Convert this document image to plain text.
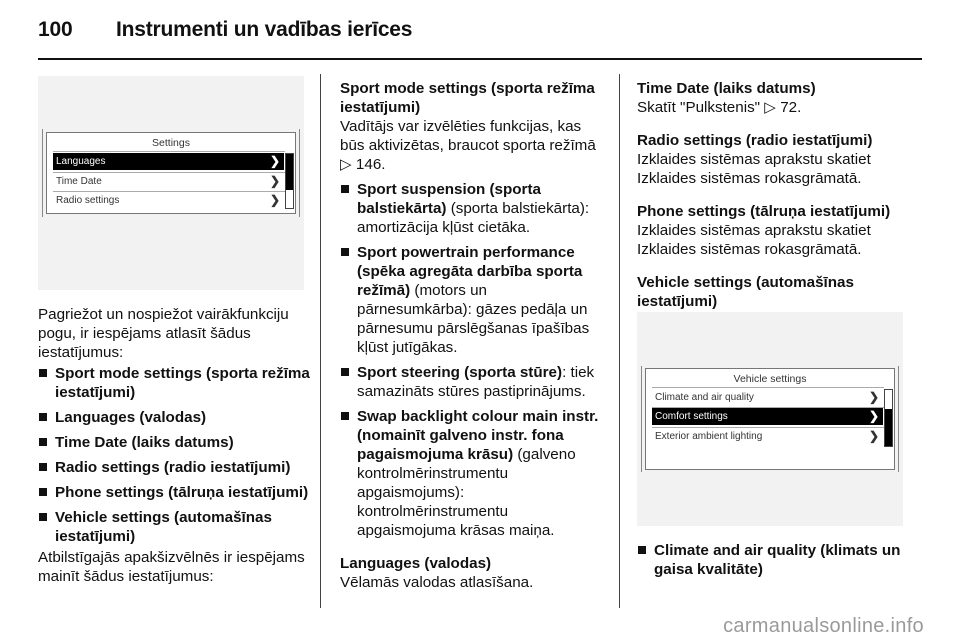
100 Instrumenti un vadības ierīces
Settings
Languages	❯
Time Date	❯
Radio settings	❯

Pagriežot un nospiežot vairākfunkciju pogu, ir iespējams atlasīt šādus iestatījumus:

Sport mode settings (sporta režīma iestatījumi)
Languages (valodas)
Time Date (laiks datums)
Radio settings (radio iestatījumi)
Phone settings (tālruņa iestatījumi)
Vehicle settings (automašīnas iestatījumi)

Atbilstīgajās apakšizvēlnēs ir iespējams mainīt šādus iestatījumus:

Sport mode settings (sporta režīma iestatījumi)

Vadītājs var izvēlēties funkcijas, kas būs aktivizētas, braucot sporta režīmā ▷ 146.

Sport suspension (sporta balstiekārta) (sporta balstiekārta): amortizācija kļūst cietāka.
Sport powertrain performance (spēka agregāta darbība sporta režīmā) (motors un pārnesumkārba): gāzes pedāļa un pārnesumu pārslēgšanas īpašības kļūst jutīgākas.
Sport steering (sporta stūre): tiek samazināts stūres pastiprinājums.
Swap backlight colour main instr. (nomainīt galveno instr. fona pagaismojuma krāsu) (galveno kontrolmērinstrumentu apgaismojums): kontrolmērinstrumentu apgaismojuma krāsas maiņa.

Languages (valodas)

Vēlamās valodas atlasīšana.

Time Date (laiks datums)

Skatīt "Pulkstenis" ▷ 72.

Radio settings (radio iestatījumi)

Izklaides sistēmas aprakstu skatiet Izklaides sistēmas rokasgrāmatā.

Phone settings (tālruņa iestatījumi)

Izklaides sistēmas aprakstu skatiet Izklaides sistēmas rokasgrāmatā.

Vehicle settings (automašīnas iestatījumi)

Vehicle settings
Climate and air quality	❯
Comfort settings	❯
Exterior ambient lighting	❯
Climate and air quality (klimats un gaisa kvalitāte)
carmanualsonline.info
